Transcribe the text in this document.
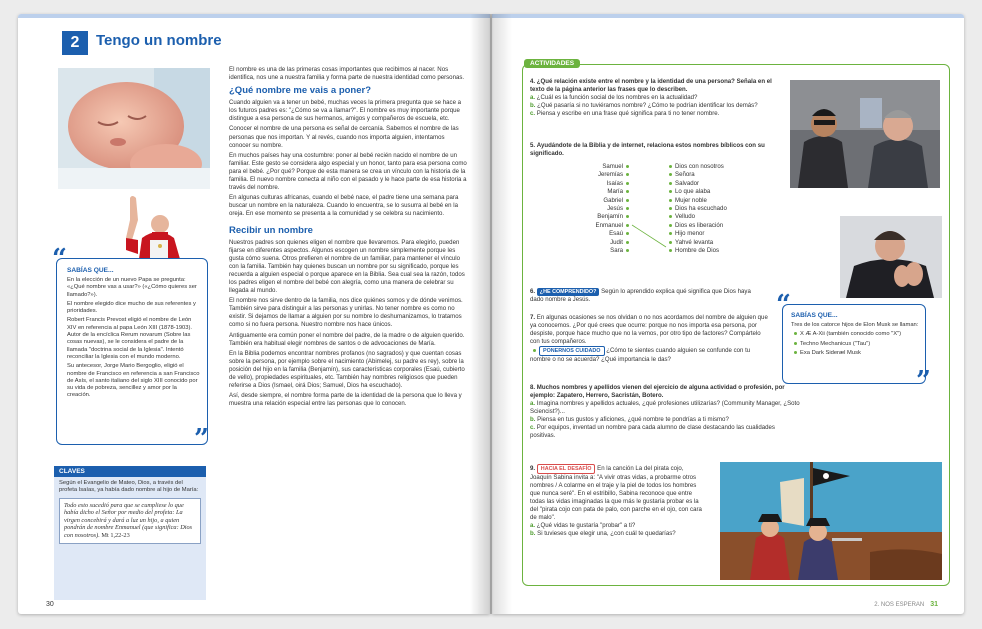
2	Tengo un nombre

El nombre es una de las primeras cosas importantes que recibimos al nacer. Nos identifica, nos une a nuestra familia y forma parte de nuestra identidad como personas.

¿Qué nombre me vais a poner?

Cuando alguien va a tener un bebé, muchas veces la primera pregunta que se hace a los futuros padres es: "¿Cómo se va a llamar?". El nombre es muy importante porque distingue a esa persona de sus hermanos, amigos y compañeros de escuela, etc.

Conocer el nombre de una persona es señal de cercanía. Sabemos el nombre de las personas que nos importan. Y al revés, cuando nos importa alguien, intentamos conocer su nombre.

En muchos países hay una costumbre: poner al bebé recién nacido el nombre de un familiar. Este gesto se considera algo especial y un honor, tanto para esa persona como para el bebé. ¿Por qué? Porque de esta manera se crea un vínculo con la historia de la familia. El nuevo nombre conecta al niño con el pasado y le hace parte de esa historia a través del nombre.

En algunas culturas africanas, cuando el bebé nace, el padre tiene una semana para buscar un nombre en la naturaleza. Cuando lo encuentra, se lo susurra al bebé en la oreja. En ese momento se presenta a la comunidad y se celebra su nacimiento.

Recibir un nombre

Nuestros padres son quienes eligen el nombre que llevaremos. Para elegirlo, pueden fijarse en diferentes aspectos. Algunos escogen un nombre simplemente porque les gusta cómo suena. Otros prefieren el nombre de un familiar, para mantener el vínculo con la familia. También hay quienes buscan un nombre por su significado, porque les recuerda a alguien especial o porque aparece en la Biblia. Sea cual sea la razón, todos los padres eligen el nombre del bebé con alegría, como una manera de celebrar su llegada al mundo.

El nombre nos sirve dentro de la familia, nos dice quiénes somos y de dónde venimos. También sirve para distinguir a las personas y unirlas. No tener nombre es como no existir. Si dejamos de llamar a alguien por su nombre lo deshumanizamos, lo tratamos como si no fuera persona. Nuestro nombre nos hace únicos.

Antiguamente era común poner el nombre del padre, de la madre o de alguien querido. También era habitual elegir nombres de santos o de advocaciones de María.

En la Biblia podemos encontrar nombres profanos (no sagrados) y que cuentan cosas sobre la persona, por ejemplo sobre el nacimiento (Abimelej, su padre es rey), sobre la posición del hijo en la familia (Benjamín), sus características corporales (Esaú, cubierto de vello), propiedades espirituales, etc. También hay nombres religiosos que pueden referirse a Dios (Ismael, oirá Dios; Samuel, Dios ha escuchado).

Así, desde siempre, el nombre forma parte de la identidad de la persona que lo lleva y muestra una relación especial entre las personas que lo conocen.

SABÍAS QUE...

En la elección de un nuevo Papa se pregunta: «¿Qué nombre vas a usar?» («¿Cómo quieres ser llamado?»).

El nombre elegido dice mucho de sus referentes y prioridades.

Robert Francis Prevost eligió el nombre de León XIV en referencia al papa León XIII (1878-1903). Autor de la encíclica Rerum novarum (Sobre las cosas nuevas), se le considera el padre de la llamada "doctrina social de la Iglesia". Intentó reconciliar la Iglesia con el mundo moderno.

Su antecesor, Jorge Mario Bergoglio, eligió el nombre de Francisco en referencia a san Francisco de Asís, el santo italiano del siglo XIII conocido por su vida de pobreza, sencillez y amor por la creación.

“
”
CLAVES
Según el Evangelio de Mateo, Dios, a través del profeta Isaías, ya había dado nombre al hijo de María:
Todo esto sucedió para que se cumpliese lo que había dicho el Señor por medio del profeta: La virgen concebirá y dará a luz un hijo, a quien pondrán de nombre Enmanuel (que significa: Dios con nosotros). Mt 1,22-23
30
ACTIVIDADES
4. ¿Qué relación existe entre el nombre y la identidad de una persona? Señala en el texto de la página anterior las frases que lo describen.
a. ¿Cuál es la función social de los nombres en la actualidad?
b. ¿Qué pasaría si no tuviéramos nombre? ¿Cómo te podrían identificar los demás?
c. Piensa y escribe en una frase qué significa para ti no tener nombre.
5. Ayudándote de la Biblia y de internet, relaciona estos nombres bíblicos con su significado.
Samuel
Jeremías
Isaías
María
Gabriel
Jesús
Benjamín
Enmanuel
Esaú
Judit
Sara
Dios con nosotros
Señora
Salvador
Lo que alaba
Mujer noble
Dios ha escuchado
Velludo
Dios es liberación
Hijo menor
Yahvé levanta
Hombre de Dios
6. ¿HE COMPRENDIDO? Según lo aprendido explica qué significa que Dios haya dado nombre a Jesús.
7. En algunas ocasiones se nos olvidan o no nos acordamos del nombre de alguien que ya conocemos. ¿Por qué crees que ocurre: porque no nos importa esa persona, por despiste, porque hace mucho que no la vemos, por otro tipo de factores? Compártelo con tus compañeros.
PONERNOS CUIDADO ¿Cómo te sientes cuando alguien se confunde con tu nombre o no se acuerda? ¿Qué importancia le das?
SABÍAS QUE...
Tres de los catorce hijos de Elon Musk se llaman:
X Æ A-Xii (también conocido como "X")
Techno Mechanicus ("Tau")
Exa Dark Sideræl Musk
“
”
8. Muchos nombres y apellidos vienen del ejercicio de alguna actividad o profesión, por ejemplo: Zapatero, Herrero, Sacristán, Botero.
a. Imagina nombres y apellidos actuales, ¿qué profesiones utilizarías? (Community Manager, ¿Soto Sciencist?)...
b. Piensa en tus gustos y aficiones, ¿qué nombre te pondrías a ti mismo?
c. Por equipos, inventad un nombre para cada alumno de clase destacando las cualidades positivas.
9. HACIA EL DESAFÍO En la canción La del pirata cojo, Joaquín Sabina invita a: "A vivir otras vidas, a probarme otros nombres / A colarme en el traje y la piel de todos los hombres que nunca seré". En el estribillo, Sabina reconoce que entre todas las vidas imaginadas la que más le gustaría probar es la del "pirata cojo con pata de palo, con parche en el ojo, con cara de malo".
a. ¿Qué vidas te gustaría "probar" a ti?
b. Si tuvieses que elegir una, ¿con cuál te quedarías?
2. NOS ESPERAN 31
